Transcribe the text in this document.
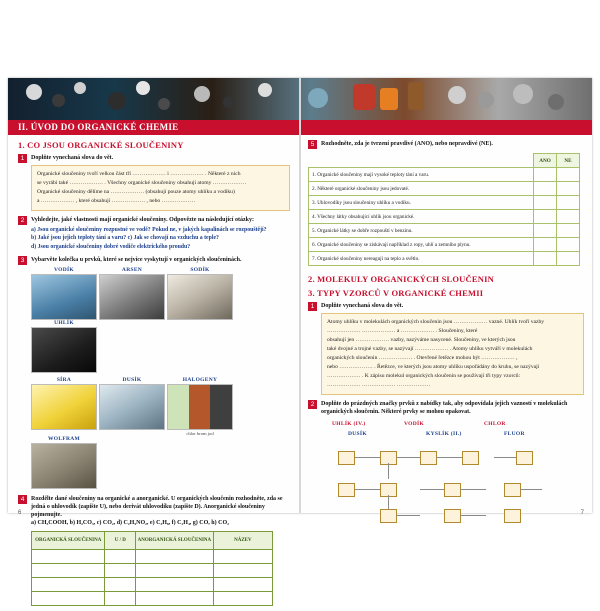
II. ÚVOD DO ORGANICKÉ CHEMIE
1. CO JSOU ORGANICKÉ SLOUČENINY
1	Doplňte vynechaná slova do vět.
Organické sloučeniny tvoří velkou část tří ……………… i ……………… . Některé z nich
se vyrábí také ……………… . Všechny organické sloučeniny obsahují atomy ………………
Organické sloučeniny dělíme na ……………… (obsahují pouze atomy uhlíku a vodíku)
a ……………… , které obsahují ……………… , nebo ………………
2	Vyhledejte, jaké vlastnosti mají organické sloučeniny. Odpovězte na následující otázky:
a) Jsou organické sloučeniny rozpustné ve vodě? Pokud ne, v jakých kapalinách se rozpouštějí?
b) Jaké jsou jejich teploty tání a varu? c) Jak se chovají na vzduchu a teple?
d) Jsou organické sloučeniny dobré vodiče elektrického proudu?
3	Vybarvěte kolečka u prvků, které se nejvíce vyskytují v organických sloučeninách.
VODÍK	ARSEN	SODÍK
UHLÍK
SÍRA	DUSÍK	HALOGENY
chlor brom jod
WOLFRAM
4	Rozdělte dané sloučeniny na organické a anorganické. U organických sloučenin rozhodněte, zda se jedná o uhlovodík (zapište U), nebo derivát uhlovodíku (zapište D). Anorganické sloučeniny pojmenujte.
a) CH₃COOH, b) H₂CO₃, c) CO₂, d) C₂H₅NO₂, e) C₃H₈, f) C₂H₄, g) CO, h) CO₂
ORGANICKÁ SLOUČENINA	U / D	ANORGANICKÁ SLOUČENINA	NÁZEV

6
5	Rozhodněte, zda je tvrzení pravdivé (ANO), nebo nepravdivé (NE).
	ANO	NE
1. Organické sloučeniny mají vysoké teploty tání a varu.		
2. Některé organické sloučeniny jsou jedovaté.		
3. Uhlovodíky jsou sloučeniny uhlíku a vodíku.		
4. Všechny látky obsahující uhlík jsou organické.		
5. Organické látky se dobře rozpouští v benzinu.		
6. Organické sloučeniny se získávají například z ropy, uhlí a zemního plynu.		
7. Organické sloučeniny nereagují na teplo a světlo.		
2. MOLEKULY ORGANICKÝCH SLOUČENIN
3. TYPY VZORCŮ V ORGANICKÉ CHEMII
1	Doplňte vynechaná slova do vět.
Atomy uhlíku v molekulách organických sloučenin jsou ……………… vazné. Uhlík tvoří vazby
……………… ……………… a ……………… . Sloučeniny, které
obsahují jen ……………… vazby, nazýváme nasycené. Sloučeniny, ve kterých jsou
také dvojné a trojné vazby, se nazývají ……………… . Atomy uhlíku vytváří v molekulách
organických sloučenin ……………… . Otevřené řetězce mohou být ……………… ,
nebo ……………… . Řetězce, ve kterých jsou atomy uhlíku uspořádány do kruhu, se nazývají
……………… . K zápisu molekul organických sloučenin se používají tři typy vzorců:
……………… ……………… ………………
2	Doplňte do prázdných značky prvků z nabídky tak, aby odpovídala jejich vazností v molekulách organických sloučenin. Některé prvky se mohou opakovat.
UHLÍK (IV.)	VODÍK	CHLOR
DUSÍK	KYSLÍK (II.)	FLUOR
7
